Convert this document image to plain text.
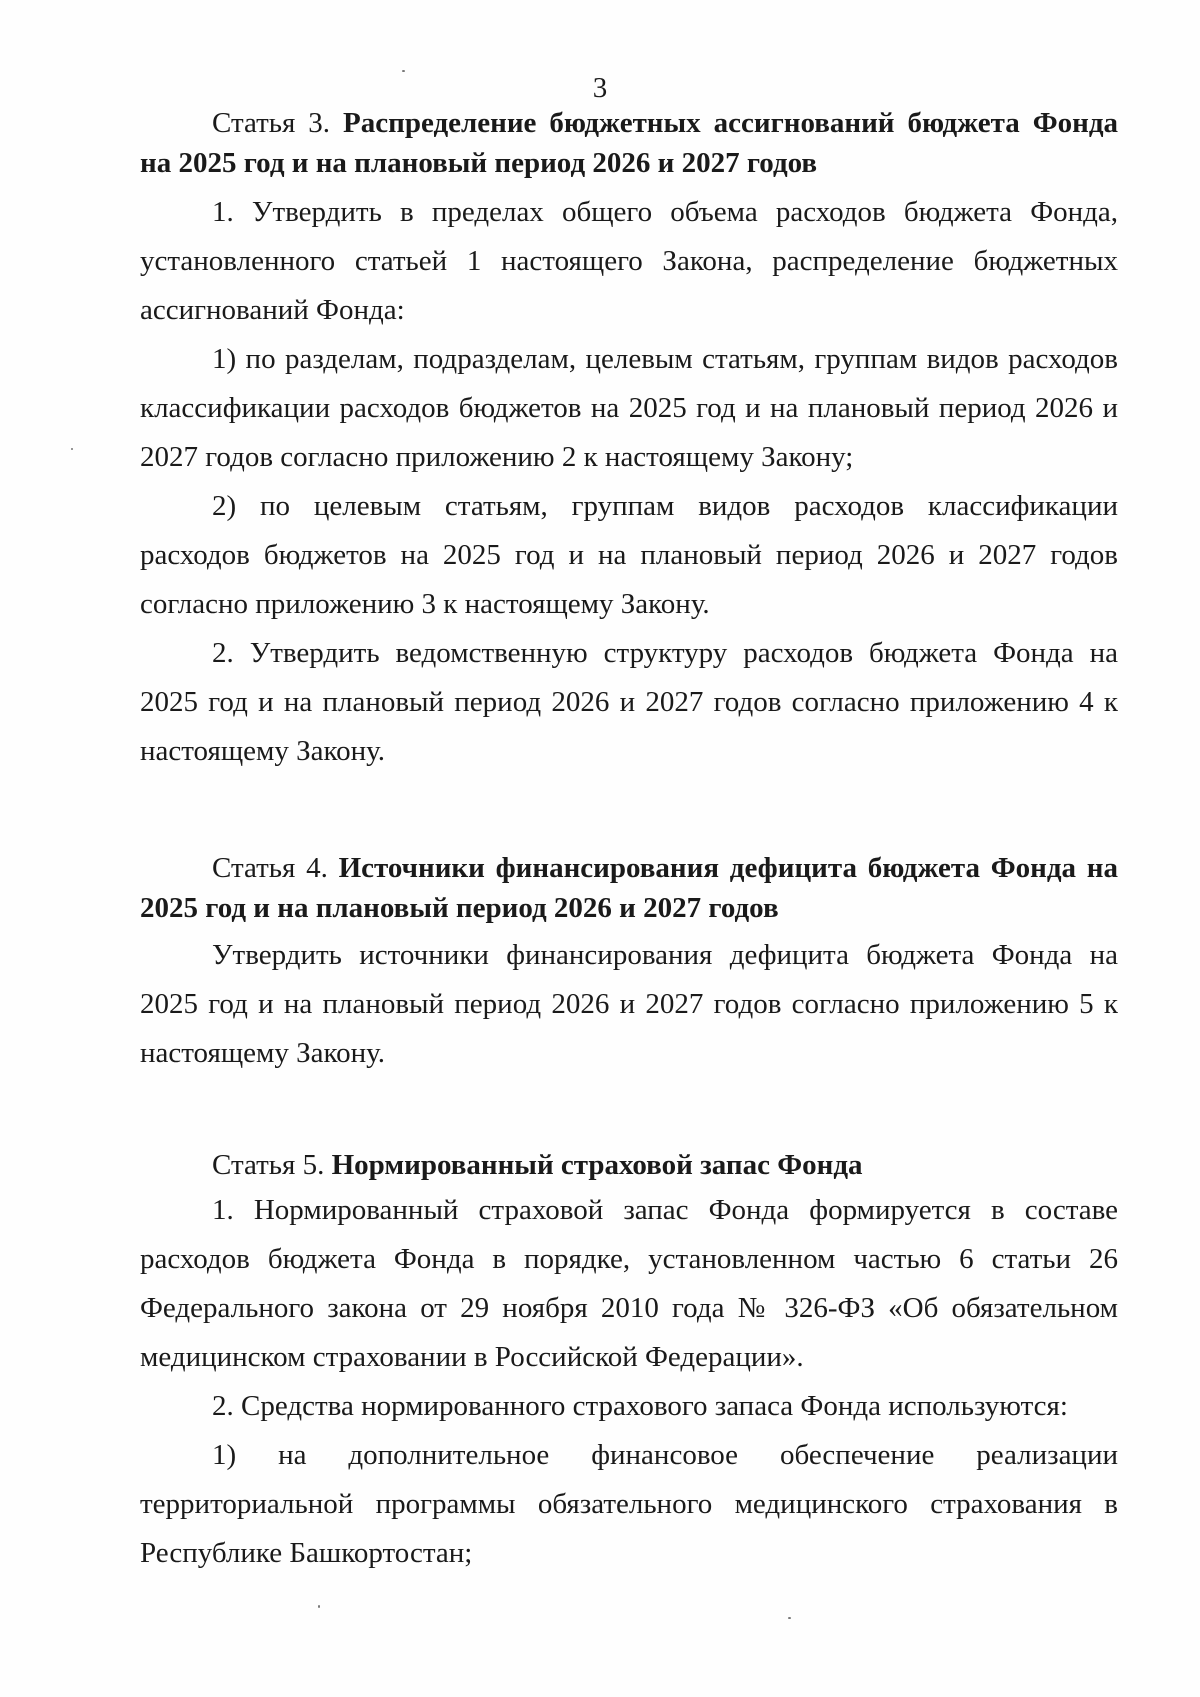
3

Статья 3. Распределение бюджетных ассигнований бюджета Фонда на 2025 год и на плановый период 2026 и 2027 годов

1. Утвердить в пределах общего объема расходов бюджета Фонда, установленного статьей 1 настоящего Закона, распределение бюджетных ассигнований Фонда:

1) по разделам, подразделам, целевым статьям, группам видов расходов классификации расходов бюджетов на 2025 год и на плановый период 2026 и 2027 годов согласно приложению 2 к настоящему Закону;

2) по целевым статьям, группам видов расходов классификации расходов бюджетов на 2025 год и на плановый период 2026 и 2027 годов согласно приложению 3 к настоящему Закону.

2. Утвердить ведомственную структуру расходов бюджета Фонда на 2025 год и на плановый период 2026 и 2027 годов согласно приложению 4 к настоящему Закону.

Статья 4. Источники финансирования дефицита бюджета Фонда на 2025 год и на плановый период 2026 и 2027 годов

Утвердить источники финансирования дефицита бюджета Фонда на 2025 год и на плановый период 2026 и 2027 годов согласно приложению 5 к настоящему Закону.

Статья 5. Нормированный страховой запас Фонда

1. Нормированный страховой запас Фонда формируется в составе расходов бюджета Фонда в порядке, установленном частью 6 статьи 26 Федерального закона от 29 ноября 2010 года № 326-ФЗ «Об обязательном медицинском страховании в Российской Федерации».

2. Средства нормированного страхового запаса Фонда используются:

1) на дополнительное финансовое обеспечение реализации территориальной программы обязательного медицинского страхования в Республике Башкортостан;
